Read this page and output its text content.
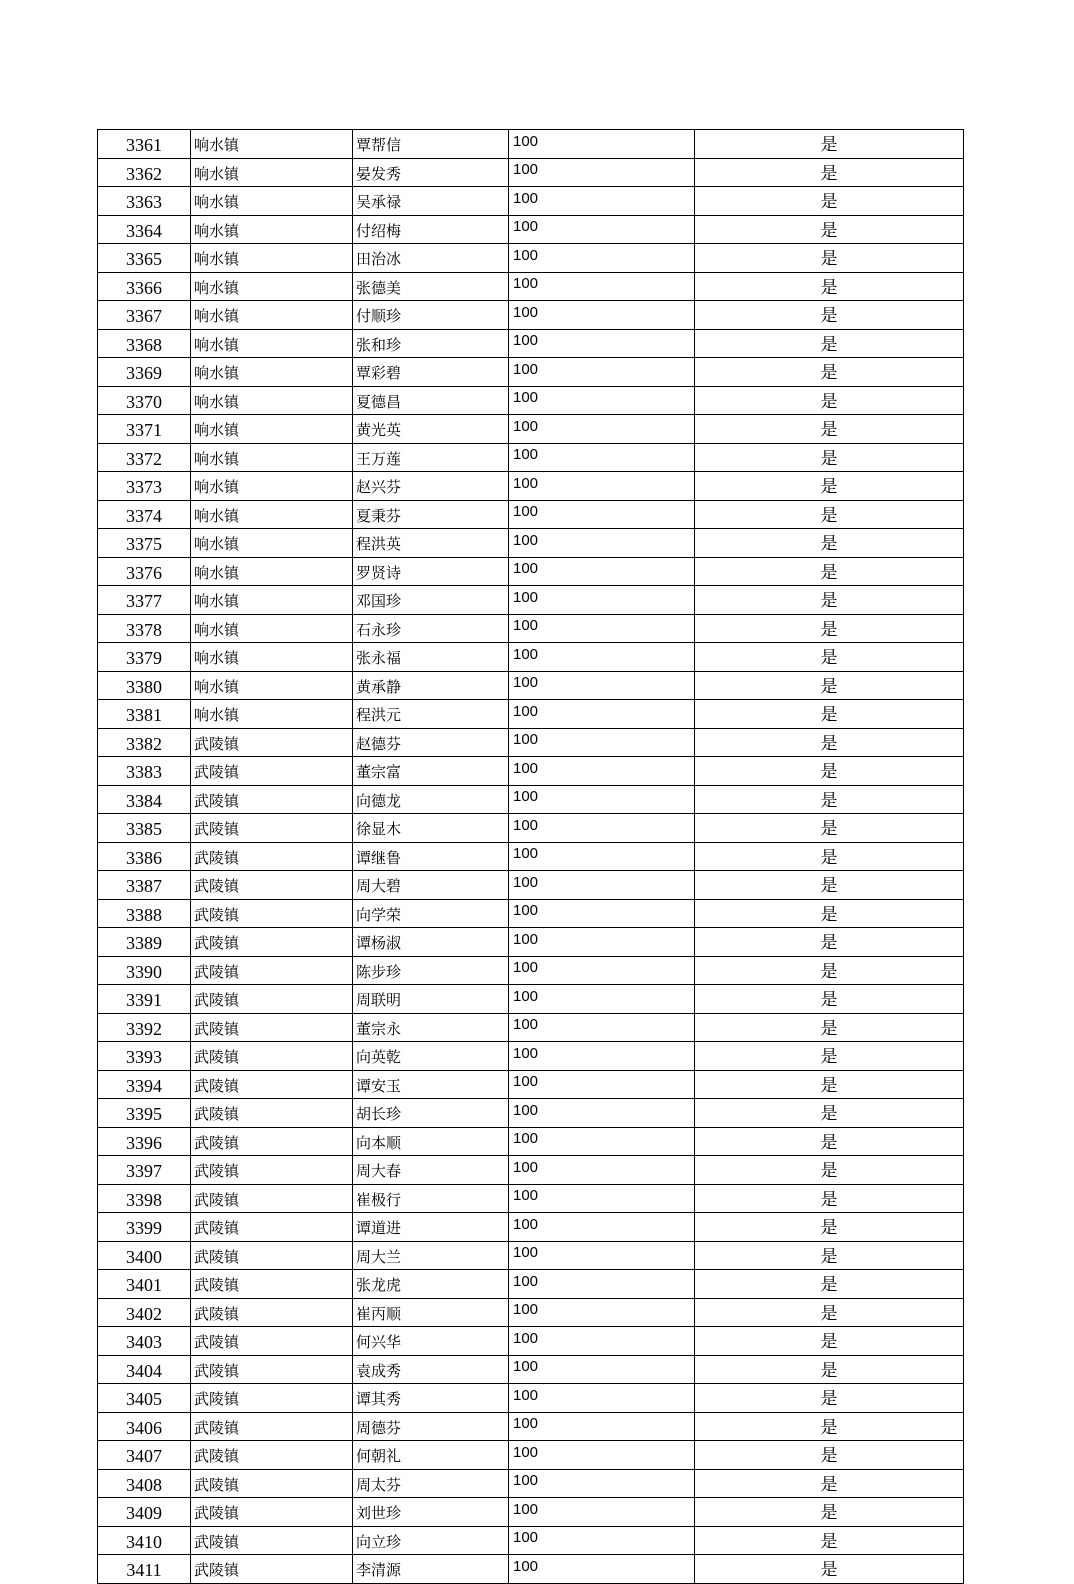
3361	响水镇	覃帮信	100	是
3362	响水镇	晏发秀	100	是
3363	响水镇	吴承禄	100	是
3364	响水镇	付绍梅	100	是
3365	响水镇	田治冰	100	是
3366	响水镇	张德美	100	是
3367	响水镇	付顺珍	100	是
3368	响水镇	张和珍	100	是
3369	响水镇	覃彩碧	100	是
3370	响水镇	夏德昌	100	是
3371	响水镇	黄光英	100	是
3372	响水镇	王万莲	100	是
3373	响水镇	赵兴芬	100	是
3374	响水镇	夏秉芬	100	是
3375	响水镇	程洪英	100	是
3376	响水镇	罗贤诗	100	是
3377	响水镇	邓国珍	100	是
3378	响水镇	石永珍	100	是
3379	响水镇	张永福	100	是
3380	响水镇	黄承静	100	是
3381	响水镇	程洪元	100	是
3382	武陵镇	赵德芬	100	是
3383	武陵镇	董宗富	100	是
3384	武陵镇	向德龙	100	是
3385	武陵镇	徐显木	100	是
3386	武陵镇	谭继鲁	100	是
3387	武陵镇	周大碧	100	是
3388	武陵镇	向学荣	100	是
3389	武陵镇	谭杨淑	100	是
3390	武陵镇	陈步珍	100	是
3391	武陵镇	周联明	100	是
3392	武陵镇	董宗永	100	是
3393	武陵镇	向英乾	100	是
3394	武陵镇	谭安玉	100	是
3395	武陵镇	胡长珍	100	是
3396	武陵镇	向本顺	100	是
3397	武陵镇	周大春	100	是
3398	武陵镇	崔极行	100	是
3399	武陵镇	谭道进	100	是
3400	武陵镇	周大兰	100	是
3401	武陵镇	张龙虎	100	是
3402	武陵镇	崔丙顺	100	是
3403	武陵镇	何兴华	100	是
3404	武陵镇	袁成秀	100	是
3405	武陵镇	谭其秀	100	是
3406	武陵镇	周德芬	100	是
3407	武陵镇	何朝礼	100	是
3408	武陵镇	周太芬	100	是
3409	武陵镇	刘世珍	100	是
3410	武陵镇	向立珍	100	是
3411	武陵镇	李清源	100	是
